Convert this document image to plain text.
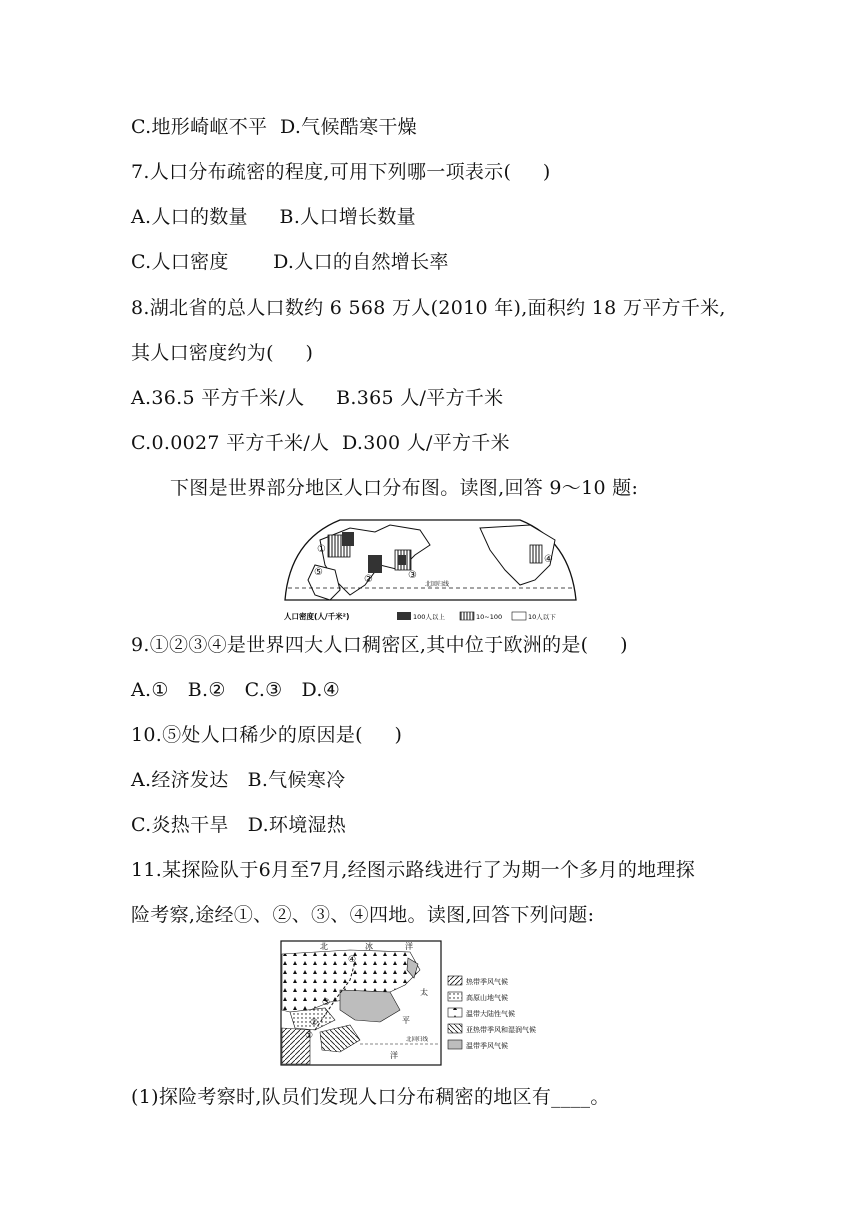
C.地形崎岖不平  D.气候酷寒干燥
7.人口分布疏密的程度,可用下列哪一项表示(     )
A.人口的数量     B.人口增长数量
C.人口密度       D.人口的自然增长率
8.湖北省的总人口数约 6 568 万人(2010 年),面积约 18 万平方千米,
其人口密度约为(     )
A.36.5 平方千米/人     B.365 人/平方千米
C.0.0027 平方千米/人  D.300 人/平方千米
下图是世界部分地区人口分布图。读图,回答 9～10 题:
①
②	③
④
⑤
北回归线
人口密度(人/千米²)	100人以上	10~100	10人以下
9.①②③④是世界四大人口稠密区,其中位于欧洲的是(     )
A.①   B.②   C.③   D.④
10.⑤处人口稀少的原因是(     )
A.经济发达   B.气候寒冷
C.炎热干旱   D.环境湿热
11.某探险队于6月至7月,经图示路线进行了为期一个多月的地理探
险考察,途经①、②、③、④四地。读图,回答下列问题:
北	冰	洋
太
平
洋
①
②
③
④
北回归线
热带季风气候
高原山地气候
温带大陆性气候
亚热带季风和湿润气候
温带季风气候
(1)探险考察时,队员们发现人口分布稠密的地区有____。
